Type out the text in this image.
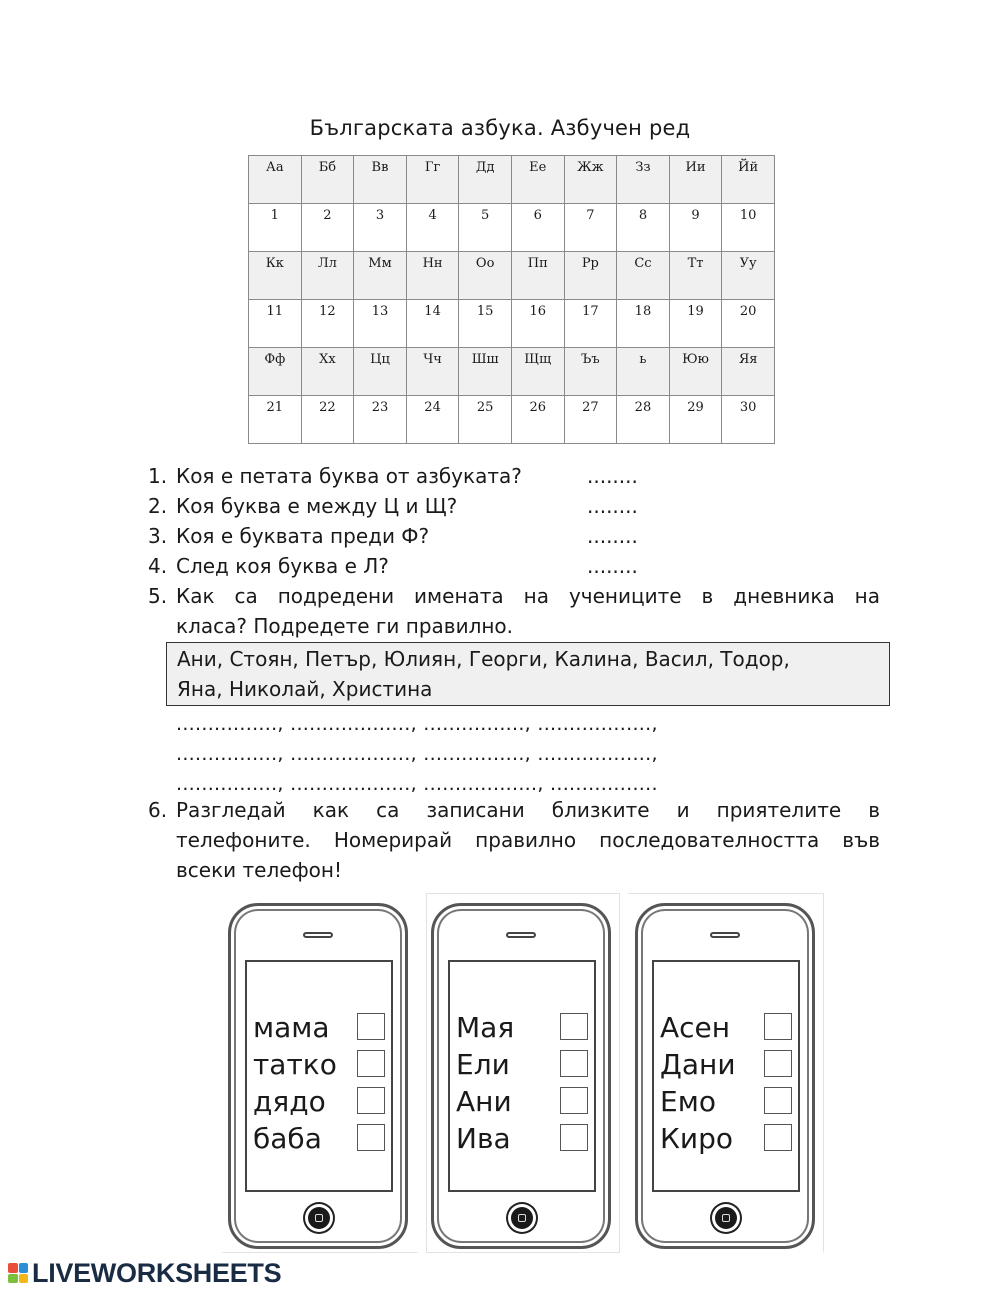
Българската азбука. Азбучен ред
Аа	Бб	Вв	Гг	Дд	Ее	Жж	Зз	Ии	Йй
1	2	3	4	5	6	7	8	9	10
Кк	Лл	Мм	Нн	Оо	Пп	Рр	Сс	Тт	Уу
11	12	13	14	15	16	17	18	19	20
Фф	Хх	Цц	Чч	Шш	Щщ	Ъъ	ь	Юю	Яя
21	22	23	24	25	26	27	28	29	30
1. Коя е петата буква от азбуката?	........
2. Коя буква е между Ц и Щ?	........
3. Коя е буквата преди Ф?	........
4. След коя буква е Л?	........
5. Как са подредени имената на учениците в дневника на
класа? Подредете ги правилно.
Ани, Стоян, Петър, Юлиян, Георги, Калина, Васил, Тодор,
Яна, Николай, Христина
................, ..................., ................, ..................,
................, ..................., ................, ..................,
................, ..................., .................., .................
6. Разгледай как са записани близките и приятелите в
телефоните. Номерирай правилно последователността във
всеки телефон!
мама
татко
дядо
баба
Мая
Ели
Ани
Ива
Асен
Дани
Емо
Киро
LIVEWORKSHEETS
